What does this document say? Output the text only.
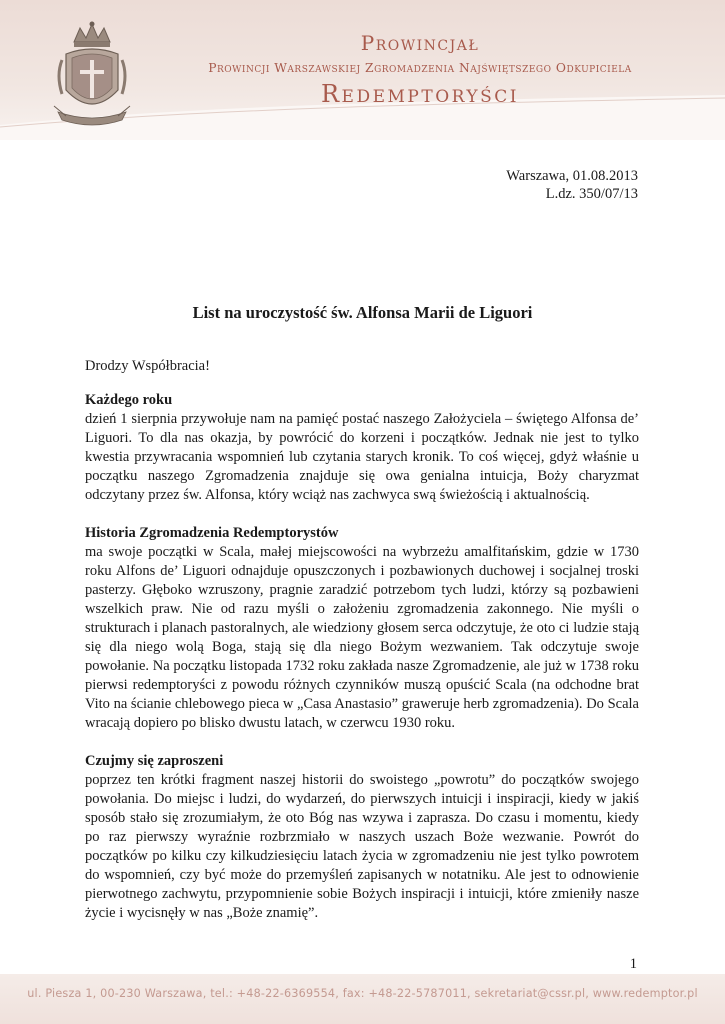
Prowincjał
Prowincji Warszawskiej Zgromadzenia Najświętszego Odkupiciela
Redemptoryści
Warszawa, 01.08.2013
L.dz. 350/07/13
List na uroczystość św. Alfonsa Marii de Liguori

Drodzy Współbracia!

Każdego roku

dzień 1 sierpnia przywołuje nam na pamięć postać naszego Założyciela – świętego Alfonsa de’ Liguori. To dla nas okazja, by powrócić do korzeni i początków. Jednak nie jest to tylko kwestia przywracania wspomnień lub czytania starych kronik. To coś więcej, gdyż właśnie u początku naszego Zgromadzenia znajduje się owa genialna intuicja, Boży charyzmat odczytany przez św. Alfonsa, który wciąż nas zachwyca swą świeżością i aktualnością.

Historia Zgromadzenia Redemptorystów

ma swoje początki w Scala, małej miejscowości na wybrzeżu amalfitańskim, gdzie w 1730 roku Alfons de’ Liguori odnajduje opuszczonych i pozbawionych duchowej i socjalnej troski pasterzy. Głęboko wzruszony, pragnie zaradzić potrzebom tych ludzi, którzy są pozbawieni wszelkich praw. Nie od razu myśli o założeniu zgromadzenia zakonnego. Nie myśli o strukturach i planach pastoralnych, ale wiedziony głosem serca odczytuje, że oto ci ludzie stają się dla niego wolą Boga, stają się dla niego Bożym wezwaniem. Tak odczytuje swoje powołanie. Na początku listopada 1732 roku zakłada nasze Zgromadzenie, ale już w 1738 roku pierwsi redemptoryści z powodu różnych czynników muszą opuścić Scala (na odchodne brat Vito na ścianie chlebowego pieca w „Casa Anastasio” graweruje herb zgromadzenia). Do Scala wracają dopiero po blisko dwustu latach, w czerwcu 1930 roku.

Czujmy się zaproszeni

poprzez ten krótki fragment naszej historii do swoistego „powrotu” do początków swojego powołania. Do miejsc i ludzi, do wydarzeń, do pierwszych intuicji i inspiracji, kiedy w jakiś sposób stało się zrozumiałym, że oto Bóg nas wzywa i zaprasza. Do czasu i momentu, kiedy po raz pierwszy wyraźnie rozbrzmiało w naszych uszach Boże wezwanie. Powrót do początków po kilku czy kilkudziesięciu latach życia w zgromadzeniu nie jest tylko powrotem do wspomnień, czy być może do przemyśleń zapisanych w notatniku. Ale jest to odnowienie pierwotnego zachwytu, przypomnienie sobie Bożych inspiracji i intuicji, które zmieniły nasze życie i wycisnęły w nas „Boże znamię”.

1
ul. Pieszа 1, 00-230 Warszawa, tel.: +48-22-6369554, fax: +48-22-5787011, sekretariat@cssr.pl, www.redemptor.pl
